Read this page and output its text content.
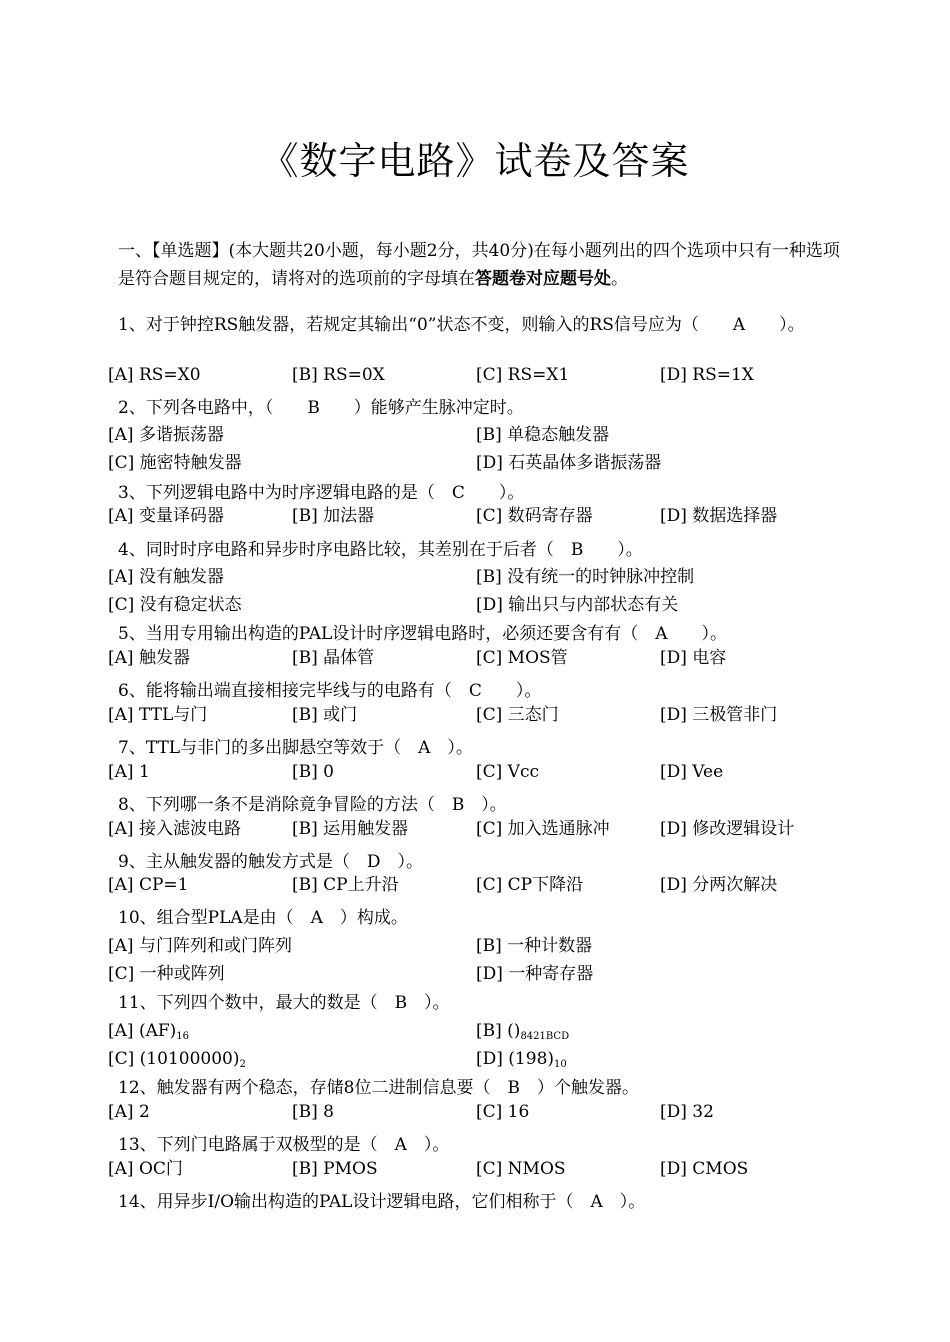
《数字电路》试卷及答案
一、【单选题】(本大题共20小题，每小题2分，共40分)在每小题列出的四个选项中只有一种选项是符合题目规定的，请将对的选项前的字母填在答题卷对应题号处。
1、对于钟控RS触发器，若规定其输出“0”状态不变，则输入的RS信号应为（　　A　　）。
[A] RS=X0	[B] RS=0X	[C] RS=X1	[D] RS=1X
2、下列各电路中，（　　B　　）能够产生脉冲定时。
[A] 多谐振荡器	[B] 单稳态触发器
[C] 施密特触发器	[D] 石英晶体多谐振荡器
3、下列逻辑电路中为时序逻辑电路的是（　C　　）。
[A] 变量译码器	[B] 加法器	[C] 数码寄存器	[D] 数据选择器
4、同时时序电路和异步时序电路比较，其差别在于后者（　B　　）。
[A] 没有触发器	[B] 没有统一的时钟脉冲控制
[C] 没有稳定状态	[D] 输出只与内部状态有关
5、当用专用输出构造的PAL设计时序逻辑电路时，必须还要含有有（　A　　）。
[A] 触发器	[B] 晶体管	[C] MOS管	[D] 电容
6、能将输出端直接相接完毕线与的电路有（　C　　）。
[A] TTL与门	[B] 或门	[C] 三态门	[D] 三极管非门
7、TTL与非门的多出脚悬空等效于（　A　）。
[A] 1	[B] 0	[C] Vcc	[D] Vee
8、下列哪一条不是消除竟争冒险的方法（　B　）。
[A] 接入滤波电路	[B] 运用触发器	[C] 加入选通脉冲	[D] 修改逻辑设计
9、主从触发器的触发方式是（　D　）。
[A] CP=1	[B] CP上升沿	[C] CP下降沿	[D] 分两次解决
10、组合型PLA是由（　A　）构成。
[A] 与门阵列和或门阵列	[B] 一种计数器
[C] 一种或阵列	[D] 一种寄存器
11、下列四个数中，最大的数是（　B　）。
[A] $(AF)_{16}$	[B] $()_{8421BCD}$
[C] $(10100000)_2$	[D] $(198)_{10}$
12、触发器有两个稳态，存储8位二进制信息要（　B　）个触发器。
[A] 2	[B] 8	[C] 16	[D] 32
13、下列门电路属于双极型的是（　A　）。
[A] OC门	[B] PMOS	[C] NMOS	[D] CMOS
14、用异步I/O输出构造的PAL设计逻辑电路，它们相称于（　A　）。
